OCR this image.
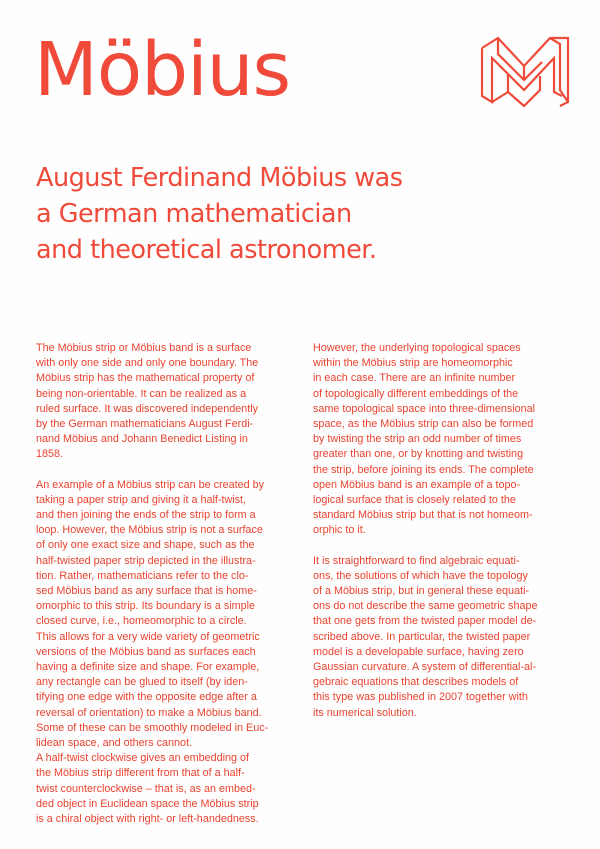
Möbius
August Ferdinand Möbius was
a German mathematician
and theoretical astronomer.

The Möbius strip or Möbius band is a surface
with only one side and only one boundary. The
Möbius strip has the mathematical property of
being non-orientable. It can be realized as a
ruled surface. It was discovered independently
by the German mathematicians August Ferdi-
nand Möbius and Johann Benedict Listing in
1858.

An example of a Möbius strip can be created by
taking a paper strip and giving it a half-twist,
and then joining the ends of the strip to form a
loop. However, the Möbius strip is not a surface
of only one exact size and shape, such as the
half-twisted paper strip depicted in the illustra-
tion. Rather, mathematicians refer to the clo-
sed Möbius band as any surface that is home-
omorphic to this strip. Its boundary is a simple
closed curve, i.e., homeomorphic to a circle.
This allows for a very wide variety of geometric
versions of the Möbius band as surfaces each
having a definite size and shape. For example,
any rectangle can be glued to itself (by iden-
tifying one edge with the opposite edge after a
reversal of orientation) to make a Möbius band.
Some of these can be smoothly modeled in Euc-
lidean space, and others cannot.

A half-twist clockwise gives an embedding of
the Möbius strip different from that of a half-
twist counterclockwise – that is, as an embed-
ded object in Euclidean space the Möbius strip
is a chiral object with right- or left-handedness.

However, the underlying topological spaces
within the Möbius strip are homeomorphic
in each case. There are an infinite number
of topologically different embeddings of the
same topological space into three-dimensional
space, as the Möbius strip can also be formed
by twisting the strip an odd number of times
greater than one, or by knotting and twisting
the strip, before joining its ends. The complete
open Möbius band is an example of a topo-
logical surface that is closely related to the
standard Möbius strip but that is not homeom-
orphic to it.

It is straightforward to find algebraic equati-
ons, the solutions of which have the topology
of a Möbius strip, but in general these equati-
ons do not describe the same geometric shape
that one gets from the twisted paper model de-
scribed above. In particular, the twisted paper
model is a developable surface, having zero
Gaussian curvature. A system of differential-al-
gebraic equations that describes models of
this type was published in 2007 together with
its numerical solution.
